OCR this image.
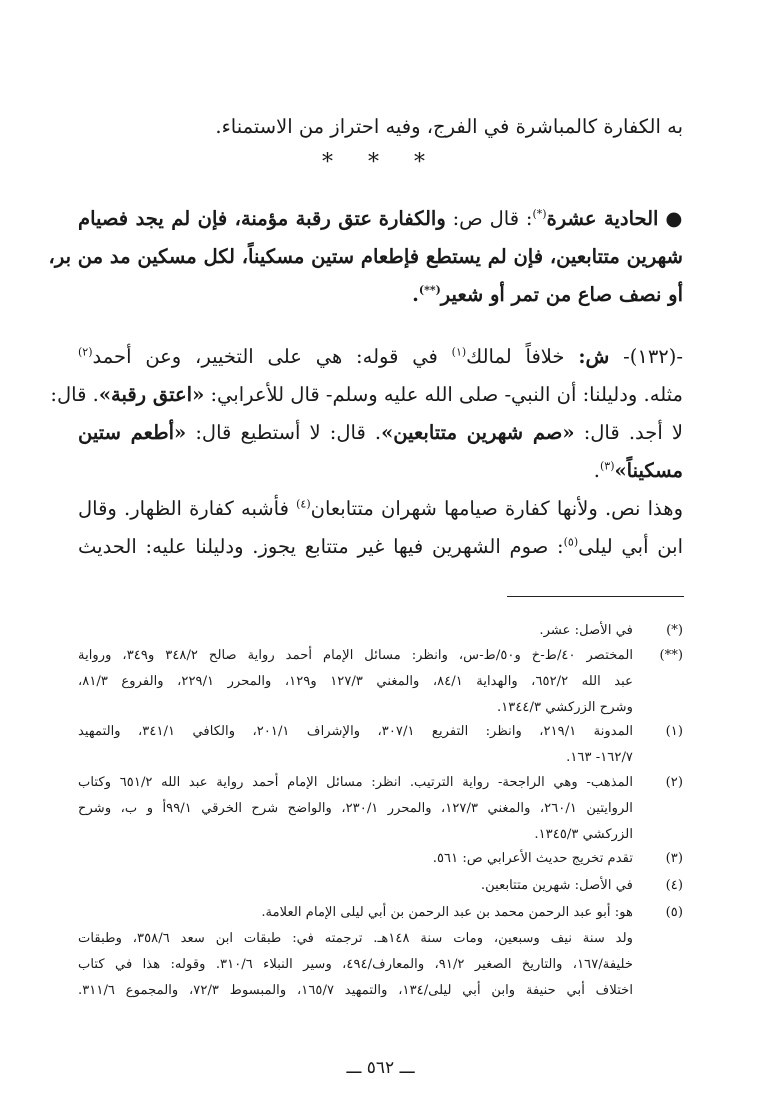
به الكفارة كالمباشرة في الفرج، وفيه احتراز من الاستمناء.
* * *
● الحادية عشرة(*): قال ص: والكفارة عتق رقبة مؤمنة، فإن لم يجد فصيام
شهرين متتابعين، فإن لم يستطع فإطعام ستين مسكيناً، لكل مسكين مد من بر،
أو نصف صاع من تمر أو شعير(**).
-(١٣٢)- ش: خلافاً لمالك$^{(١)}$ في قوله: هي على التخيير، وعن أحمد$^{(٢)}$
مثله. ودليلنا: أن النبي- صلى الله عليه وسلم- قال للأعرابي: «اعتق رقبة». قال:
لا أجد. قال: «صم شهرين متتابعين». قال: لا أستطيع قال: «أطعم ستين
مسكيناً»$^{(٣)}$.
وهذا نص. ولأنها كفارة صيامها شهران متتابعان$^{(٤)}$ فأشبه كفارة الظهار. وقال
ابن أبي ليلى$^{(٥)}$: صوم الشهرين فيها غير متتابع يجوز. ودليلنا عليه: الحديث
(*)
في الأصل: عشر.
(**)
المختصر ٤٠/ط-خ و٥٠/ط-س، وانظر: مسائل الإمام أحمد رواية صالح ٣٤٨/٢ و٣٤٩، ورواية
عبد الله ٦٥٢/٢، والهداية ٨٤/١، والمغني ١٢٧/٣ و١٢٩، والمحرر ٢٢٩/١، والفروع ٨١/٣،
وشرح الزركشي ١٣٤٤/٣.
(١)
المدونة ٢١٩/١، وانظر: التفريع ٣٠٧/١، والإشراف ٢٠١/١، والكافي ٣٤١/١، والتمهيد
١٦٢/٧- ١٦٣.
(٢)
المذهب- وهي الراجحة- رواية الترتيب. انظر: مسائل الإمام أحمد رواية عبد الله ٦٥١/٢ وكتاب
الروايتين ٢٦٠/١، والمغني ١٢٧/٣، والمحرر ٢٣٠/١، والواضح شرح الخرقي ٩٩/١أ و ب، وشرح
الزركشي ١٣٤٥/٣.
(٣)
تقدم تخريج حديث الأعرابي ص: ٥٦١.
(٤)
في الأصل: شهرين متتابعين.
(٥)
هو: أبو عبد الرحمن محمد بن عبد الرحمن بن أبي ليلى الإمام العلامة.
ولد سنة نيف وسبعين، ومات سنة ١٤٨هـ. ترجمته في: طبقات ابن سعد ٣٥٨/٦، وطبقات
خليفة/١٦٧، والتاريخ الصغير ٩١/٢، والمعارف/٤٩٤، وسير النبلاء ٣١٠/٦. وقوله: هذا في كتاب
اختلاف أبي حنيفة وابن أبي ليلى/١٣٤، والتمهيد ١٦٥/٧، والمبسوط ٧٢/٣، والمجموع ٣١١/٦.
ـــ ٥٦٢ ـــ
